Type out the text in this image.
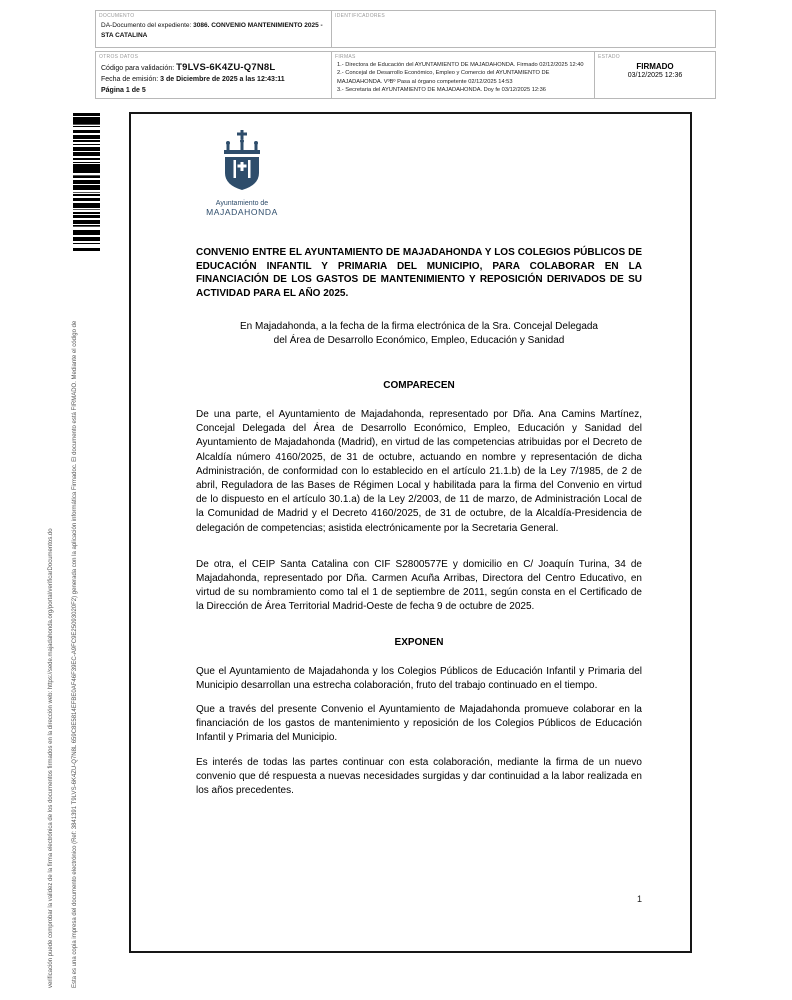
DOCUMENTO
DA-Documento del expediente: 3086. CONVENIO MANTENIMIENTO 2025 - STA CATALINA
IDENTIFICADORES
OTROS DATOS
Código para validación: T9LVS-6K4ZU-Q7N8L
Fecha de emisión: 3 de Diciembre de 2025 a las 12:43:11
Página 1 de 5
FIRMAS
1.- Directora de Educación del AYUNTAMIENTO DE MAJADAHONDA. Firmado 02/12/2025 12:40
2.- Concejal de Desarrollo Económico, Empleo y Comercio del AYUNTAMIENTO DE MAJADAHONDA. VºBº Pasa al órgano competente 02/12/2025 14:53
3.- Secretaria del AYUNTAMIENTO DE MAJADAHONDA. Doy fe 03/12/2025 12:36
ESTADO
FIRMADO
03/12/2025 12:36
Esta es una copia impresa del documento electrónico (Ref: 3841391 T9LVS-6K4ZU-Q7N8L 659C8E5814EFBE0AF46F39EC-A9FC9E25093020F2) generada con la aplicación informática Firmadoc. El documento está FIRMADO. Mediante el código de
verificación puede comprobar la validez de la firma electrónica de los documentos firmados en la dirección web: https://sede.majadahonda.org/portal/verificarDocumentos.do
Ayuntamiento de
MAJADAHONDA

CONVENIO ENTRE EL AYUNTAMIENTO DE MAJADAHONDA Y LOS COLEGIOS PÚBLICOS DE EDUCACIÓN INFANTIL Y PRIMARIA DEL MUNICIPIO, PARA COLABORAR EN LA FINANCIACIÓN DE LOS GASTOS DE MANTENIMIENTO Y REPOSICIÓN DERIVADOS DE SU ACTIVIDAD PARA EL AÑO 2025.

En Majadahonda, a la fecha de la firma electrónica de la Sra. Concejal Delegada
del Área de Desarrollo Económico, Empleo, Educación y Sanidad

COMPARECEN

De una parte, el Ayuntamiento de Majadahonda, representado por Dña. Ana Camins Martínez, Concejal Delegada del Área de Desarrollo Económico, Empleo, Educación y Sanidad del Ayuntamiento de Majadahonda (Madrid), en virtud de las competencias atribuidas por el Decreto de Alcaldía número 4160/2025, de 31 de octubre, actuando en nombre y representación de dicha Administración, de conformidad con lo establecido en el artículo 21.1.b) de la Ley 7/1985, de 2 de abril, Reguladora de las Bases de Régimen Local y habilitada para la firma del Convenio en virtud de lo dispuesto en el artículo 30.1.a) de la Ley 2/2003, de 11 de marzo, de Administración Local de la Comunidad de Madrid y el Decreto 4160/2025, de 31 de octubre, de la Alcaldía-Presidencia de delegación de competencias; asistida electrónicamente por la Secretaria General.

De otra, el CEIP Santa Catalina con CIF S2800577E y domicilio en C/ Joaquín Turina, 34 de Majadahonda, representado por Dña. Carmen Acuña Arribas, Directora del Centro Educativo, en virtud de su nombramiento como tal el 1 de septiembre de 2011, según consta en el Certificado de la Dirección de Área Territorial Madrid-Oeste de fecha 9 de octubre de 2025.

EXPONEN

Que el Ayuntamiento de Majadahonda y los Colegios Públicos de Educación Infantil y Primaria del Municipio desarrollan una estrecha colaboración, fruto del trabajo continuado en el tiempo.

Que a través del presente Convenio el Ayuntamiento de Majadahonda promueve colaborar en la financiación de los gastos de mantenimiento y reposición de los Colegios Públicos de Educación Infantil y Primaria del Municipio.

Es interés de todas las partes continuar con esta colaboración, mediante la firma de un nuevo convenio que dé respuesta a nuevas necesidades surgidas y dar continuidad a la labor realizada en los años precedentes.

1
